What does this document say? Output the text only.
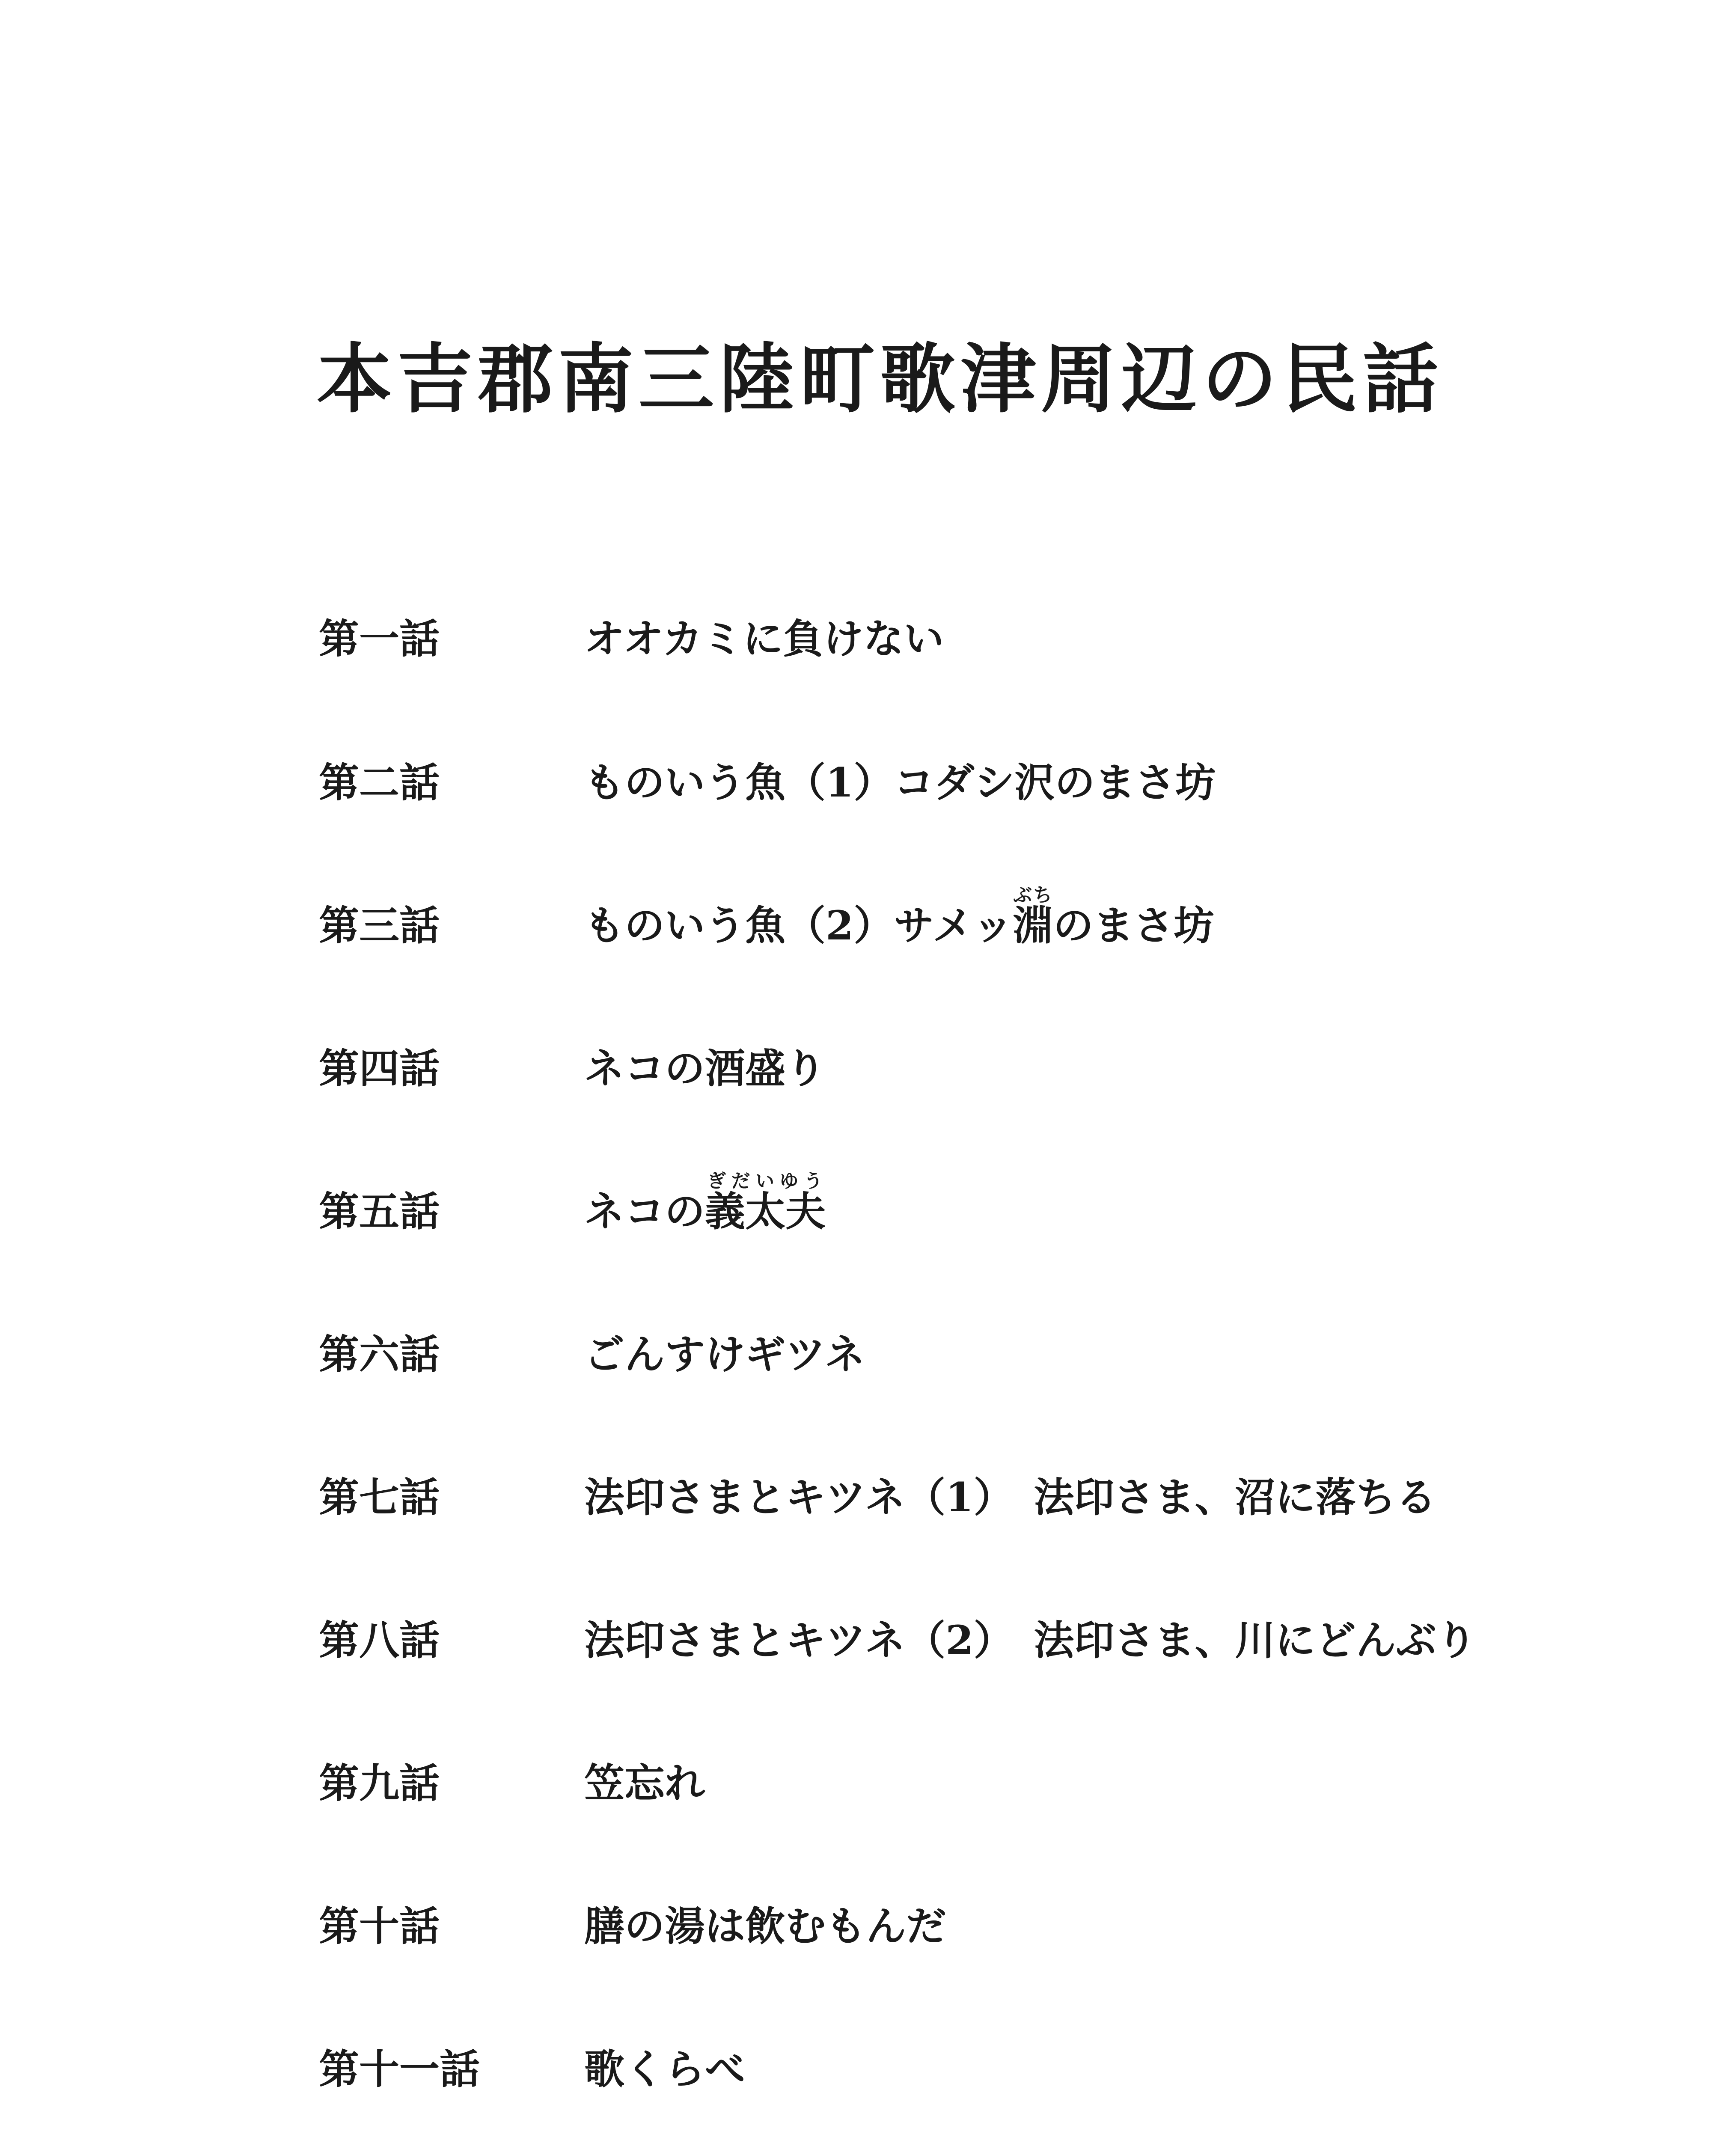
本吉郡南三陸町歌津周辺の民話
第一話	オオカミに負けない
第二話	ものいう魚（1）コダシ沢のまさ坊
第三話	ものいう魚（2）サメッ淵ぶちのまさ坊
第四話	ネコの酒盛り
第五話	ネコの義太夫ぎだいゆう
第六話	ごんすけギツネ
第七話	法印さまとキツネ（1）　法印さま、沼に落ちる
第八話	法印さまとキツネ（2）　法印さま、川にどんぶり
第九話	笠忘れ
第十話	膳の湯は飲むもんだ
第十一話	歌くらべ
